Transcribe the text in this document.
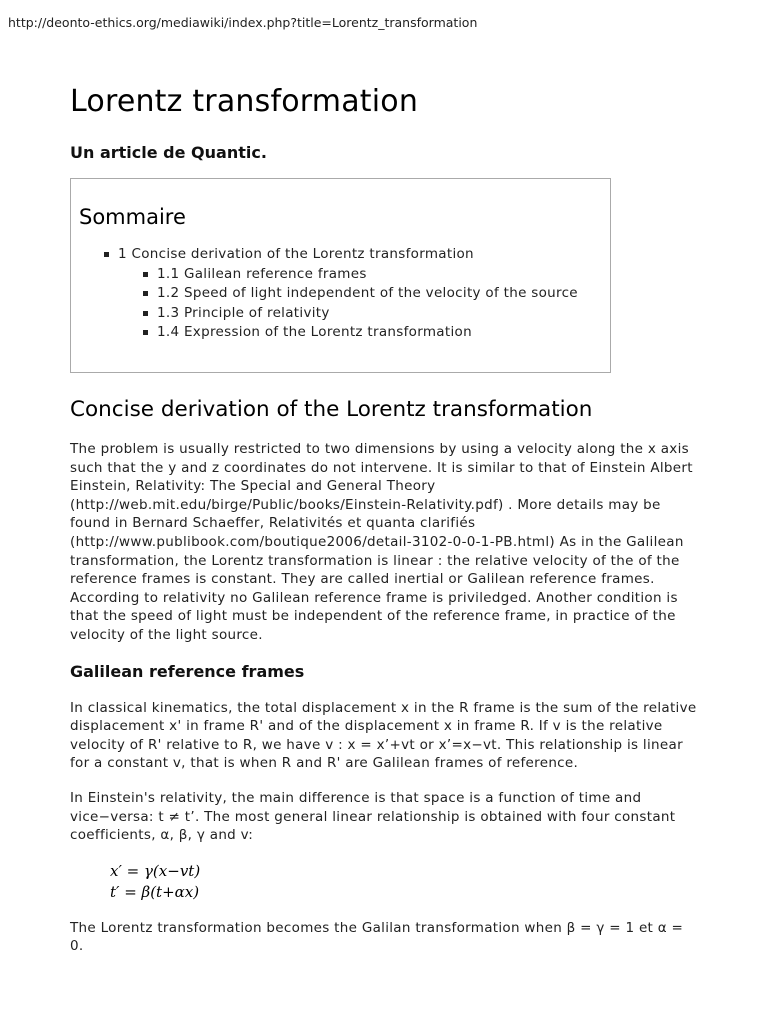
http://deonto-ethics.org/mediawiki/index.php?title=Lorentz_transformation
Lorentz transformation
Un article de Quantic.
Sommaire
1 Concise derivation of the Lorentz transformation
1.1 Galilean reference frames
1.2 Speed of light independent of the velocity of the source
1.3 Principle of relativity
1.4 Expression of the Lorentz transformation
Concise derivation of the Lorentz transformation

The problem is usually restricted to two dimensions by using a velocity along the x axis such that the y and z coordinates do not intervene. It is similar to that of Einstein Albert Einstein, Relativity: The Special and General Theory (http://web.mit.edu/birge/Public/books/Einstein-Relativity.pdf) . More details may be found in Bernard Schaeffer, Relativités et quanta clarifiés (http://www.publibook.com/boutique2006/detail-3102-0-0-1-PB.html) As in the Galilean transformation, the Lorentz transformation is linear : the relative velocity of the of the reference frames is constant. They are called inertial or Galilean reference frames. According to relativity no Galilean reference frame is priviledged. Another condition is that the speed of light must be independent of the reference frame, in practice of the velocity of the light source.

Galilean reference frames

In classical kinematics, the total displacement x in the R frame is the sum of the relative displacement x' in frame R' and of the displacement x in frame R. If v is the relative velocity of R' relative to R, we have v : x = x’+vt or x’=x−vt. This relationship is linear for a constant v, that is when R and R' are Galilean frames of reference.

In Einstein's relativity, the main difference is that space is a function of time and vice−versa: t ≠ t’. The most general linear relationship is obtained with four constant coefficients, α, β, γ and v:

x′ = γ(x−vt)
t′ = β(t+αx)

The Lorentz transformation becomes the Galilan transformation when β = γ = 1 et α = 0.
